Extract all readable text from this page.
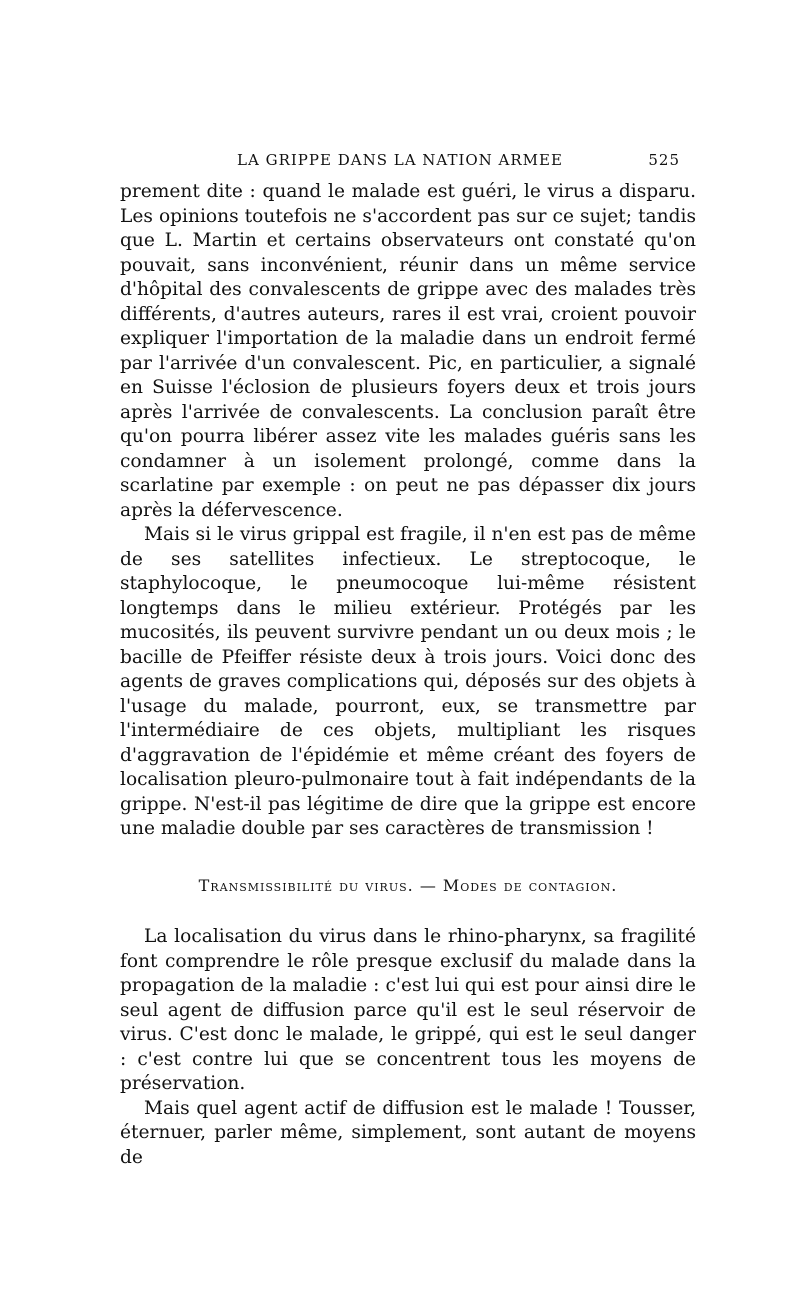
LA GRIPPE DANS LA NATION ARMEE	525

prement dite : quand le malade est guéri, le virus a disparu. Les opinions toutefois ne s'accordent pas sur ce sujet; tandis que L. Martin et certains observateurs ont constaté qu'on pouvait, sans inconvénient, réunir dans un même service d'hôpital des convalescents de grippe avec des malades très différents, d'autres auteurs, rares il est vrai, croient pouvoir expliquer l'importation de la maladie dans un endroit fermé par l'arrivée d'un convalescent. Pic, en particulier, a signalé en Suisse l'éclosion de plusieurs foyers deux et trois jours après l'arrivée de convalescents. La conclusion paraît être qu'on pourra libérer assez vite les malades guéris sans les condamner à un isolement prolongé, comme dans la scarlatine par exemple : on peut ne pas dépasser dix jours après la défervescence.

Mais si le virus grippal est fragile, il n'en est pas de même de ses satellites infectieux. Le streptocoque, le staphylocoque, le pneumocoque lui-même résistent longtemps dans le milieu extérieur. Protégés par les mucosités, ils peuvent survivre pendant un ou deux mois ; le bacille de Pfeiffer résiste deux à trois jours. Voici donc des agents de graves complications qui, déposés sur des objets à l'usage du malade, pourront, eux, se transmettre par l'intermédiaire de ces objets, multipliant les risques d'aggravation de l'épidémie et même créant des foyers de localisation pleuro-pulmonaire tout à fait indépendants de la grippe. N'est-il pas légitime de dire que la grippe est encore une maladie double par ses caractères de transmission !

Transmissibilité du virus. — Modes de contagion.

La localisation du virus dans le rhino-pharynx, sa fragilité font comprendre le rôle presque exclusif du malade dans la propagation de la maladie : c'est lui qui est pour ainsi dire le seul agent de diffusion parce qu'il est le seul réservoir de virus. C'est donc le malade, le grippé, qui est le seul danger : c'est contre lui que se concentrent tous les moyens de préservation.

Mais quel agent actif de diffusion est le malade ! Tousser, éternuer, parler même, simplement, sont autant de moyens de
